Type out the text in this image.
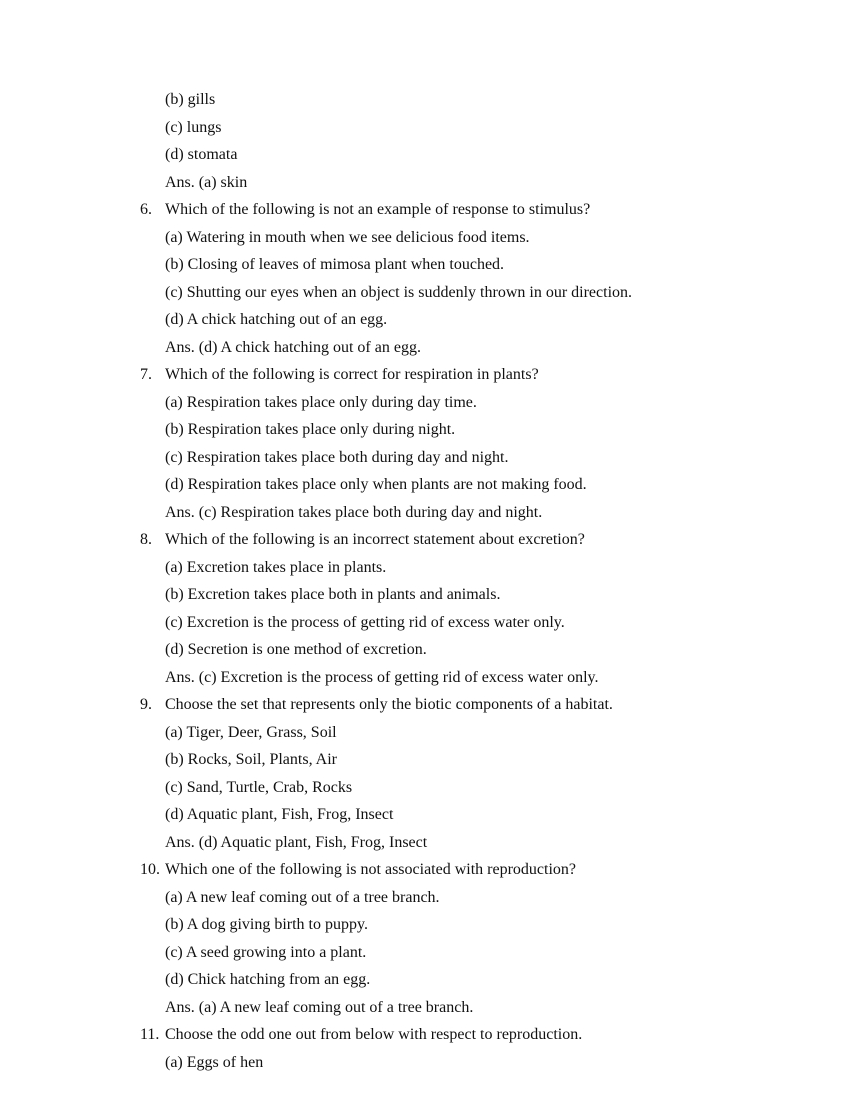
(b) gills
(c) lungs
(d) stomata
Ans. (a) skin
6. Which of the following is not an example of response to stimulus?
(a) Watering in mouth when we see delicious food items.
(b) Closing of leaves of mimosa plant when touched.
(c) Shutting our eyes when an object is suddenly thrown in our direction.
(d) A chick hatching out of an egg.
Ans. (d) A chick hatching out of an egg.
7. Which of the following is correct for respiration in plants?
(a) Respiration takes place only during day time.
(b) Respiration takes place only during night.
(c) Respiration takes place both during day and night.
(d) Respiration takes place only when plants are not making food.
Ans. (c) Respiration takes place both during day and night.
8. Which of the following is an incorrect statement about excretion?
(a) Excretion takes place in plants.
(b) Excretion takes place both in plants and animals.
(c) Excretion is the process of getting rid of excess water only.
(d) Secretion is one method of excretion.
Ans. (c) Excretion is the process of getting rid of excess water only.
9. Choose the set that represents only the biotic components of a habitat.
(a) Tiger, Deer, Grass, Soil
(b) Rocks, Soil, Plants, Air
(c) Sand, Turtle, Crab, Rocks
(d) Aquatic plant, Fish, Frog, Insect
Ans. (d) Aquatic plant, Fish, Frog, Insect
10. Which one of the following is not associated with reproduction?
(a) A new leaf coming out of a tree branch.
(b) A dog giving birth to puppy.
(c) A seed growing into a plant.
(d) Chick hatching from an egg.
Ans. (a) A new leaf coming out of a tree branch.
11. Choose the odd one out from below with respect to reproduction.
(a) Eggs of hen
